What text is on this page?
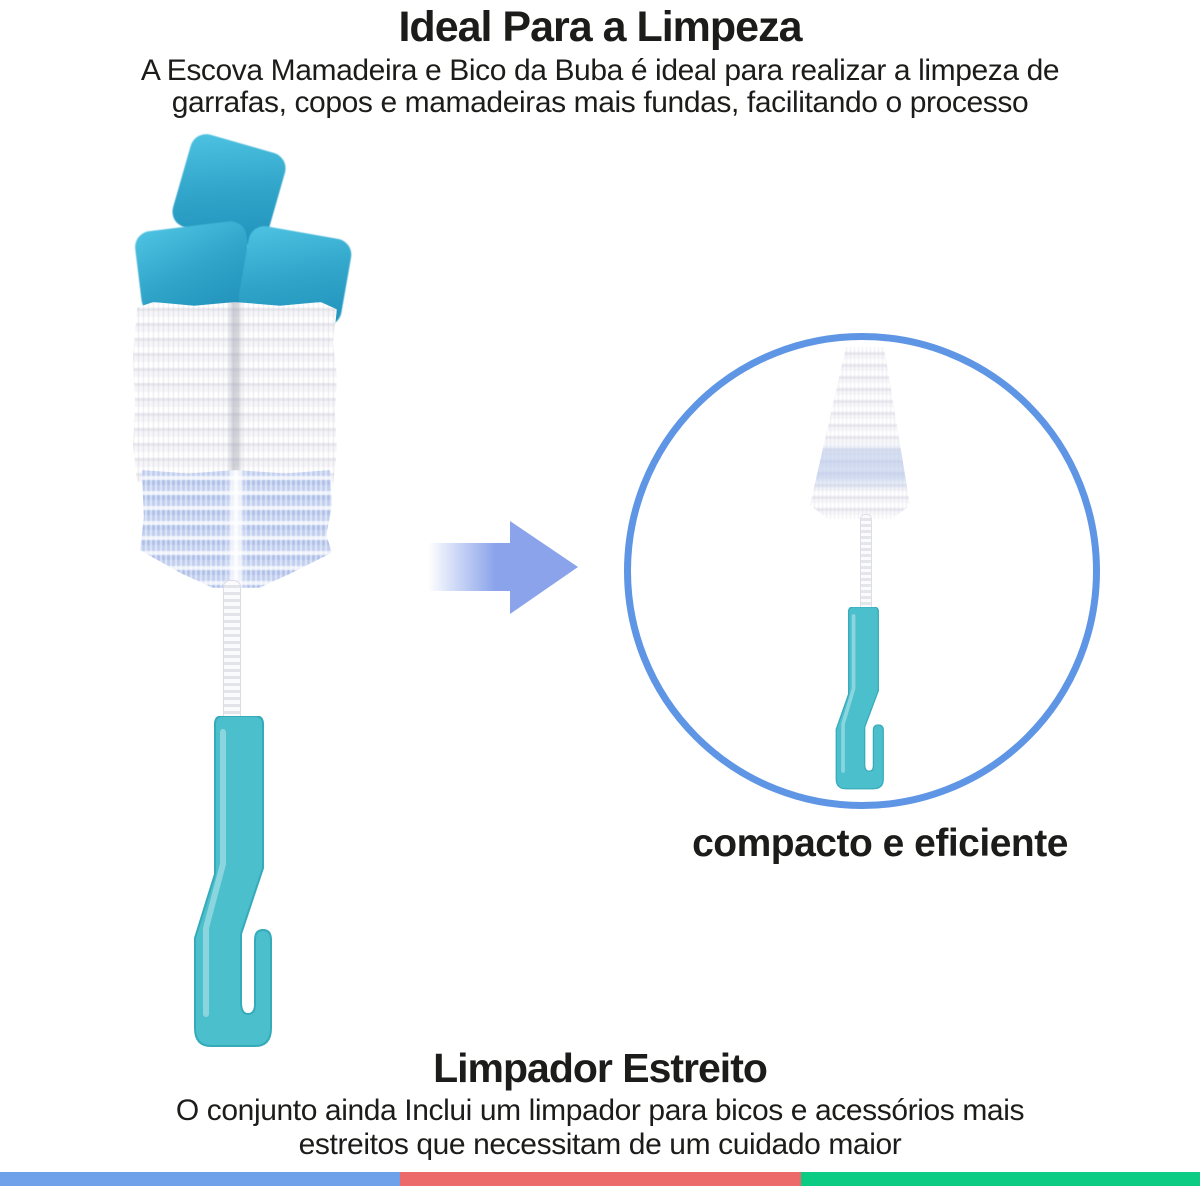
Ideal Para a Limpeza
A Escova Mamadeira e Bico da Buba é ideal para realizar a limpeza de
garrafas, copos e mamadeiras mais fundas, facilitando o processo
compacto e eficiente
Limpador Estreito
O conjunto ainda Inclui um limpador para bicos e acessórios mais
estreitos que necessitam de um cuidado maior
